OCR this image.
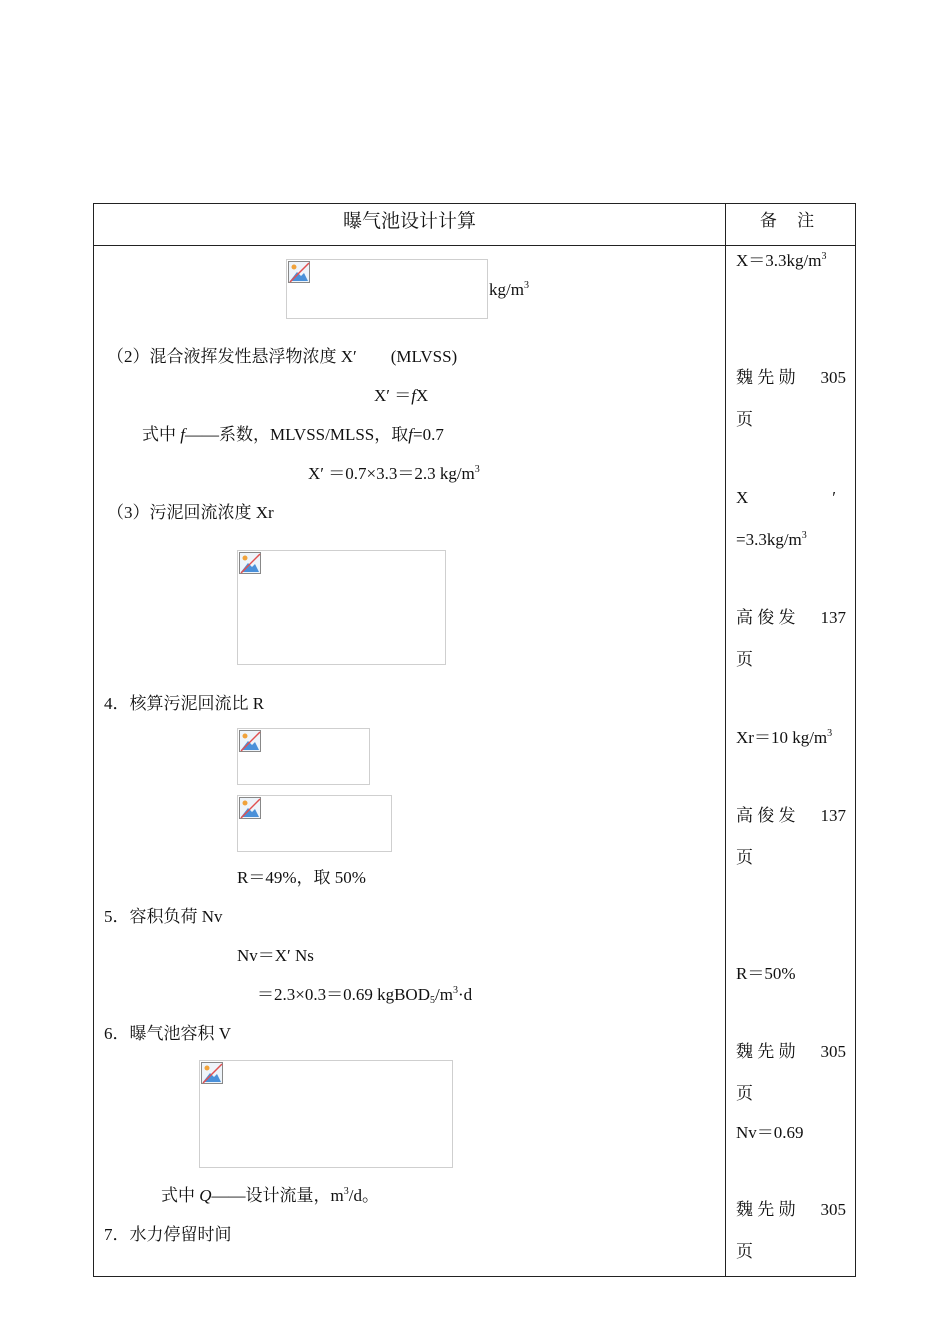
曝气池设计计算	备 注
$kg/m^3$
（2）混合液挥发性悬浮物浓度 X′　　(MLVSS)
X′ ＝fX
式中 f——系数，MLVSS/MLSS，取f=0.7
X′ ＝0.7×3.3＝2.3 $kg/m^3$
（3）污泥回流浓度 Xr
4．核算污泥回流比 R
R＝49%，取 50%
5．容积负荷 Nv
Nv＝X′ Ns
＝2.3×0.3＝0.69 $kgBOD_5/m^3\cdot d$
6．曝气池容积 V
式中 Q——设计流量，$m^3/d$。
7．水力停留时间
$X=3.3kg/m^3$
魏 先 勋 305
页
X	′
$=3.3kg/m^3$
高 俊 发 137
页
Xr＝10 $kg/m^3$
高 俊 发 137
页
R＝50%
魏 先 勋 305
页
Nv＝0.69
魏 先 勋 305
页
